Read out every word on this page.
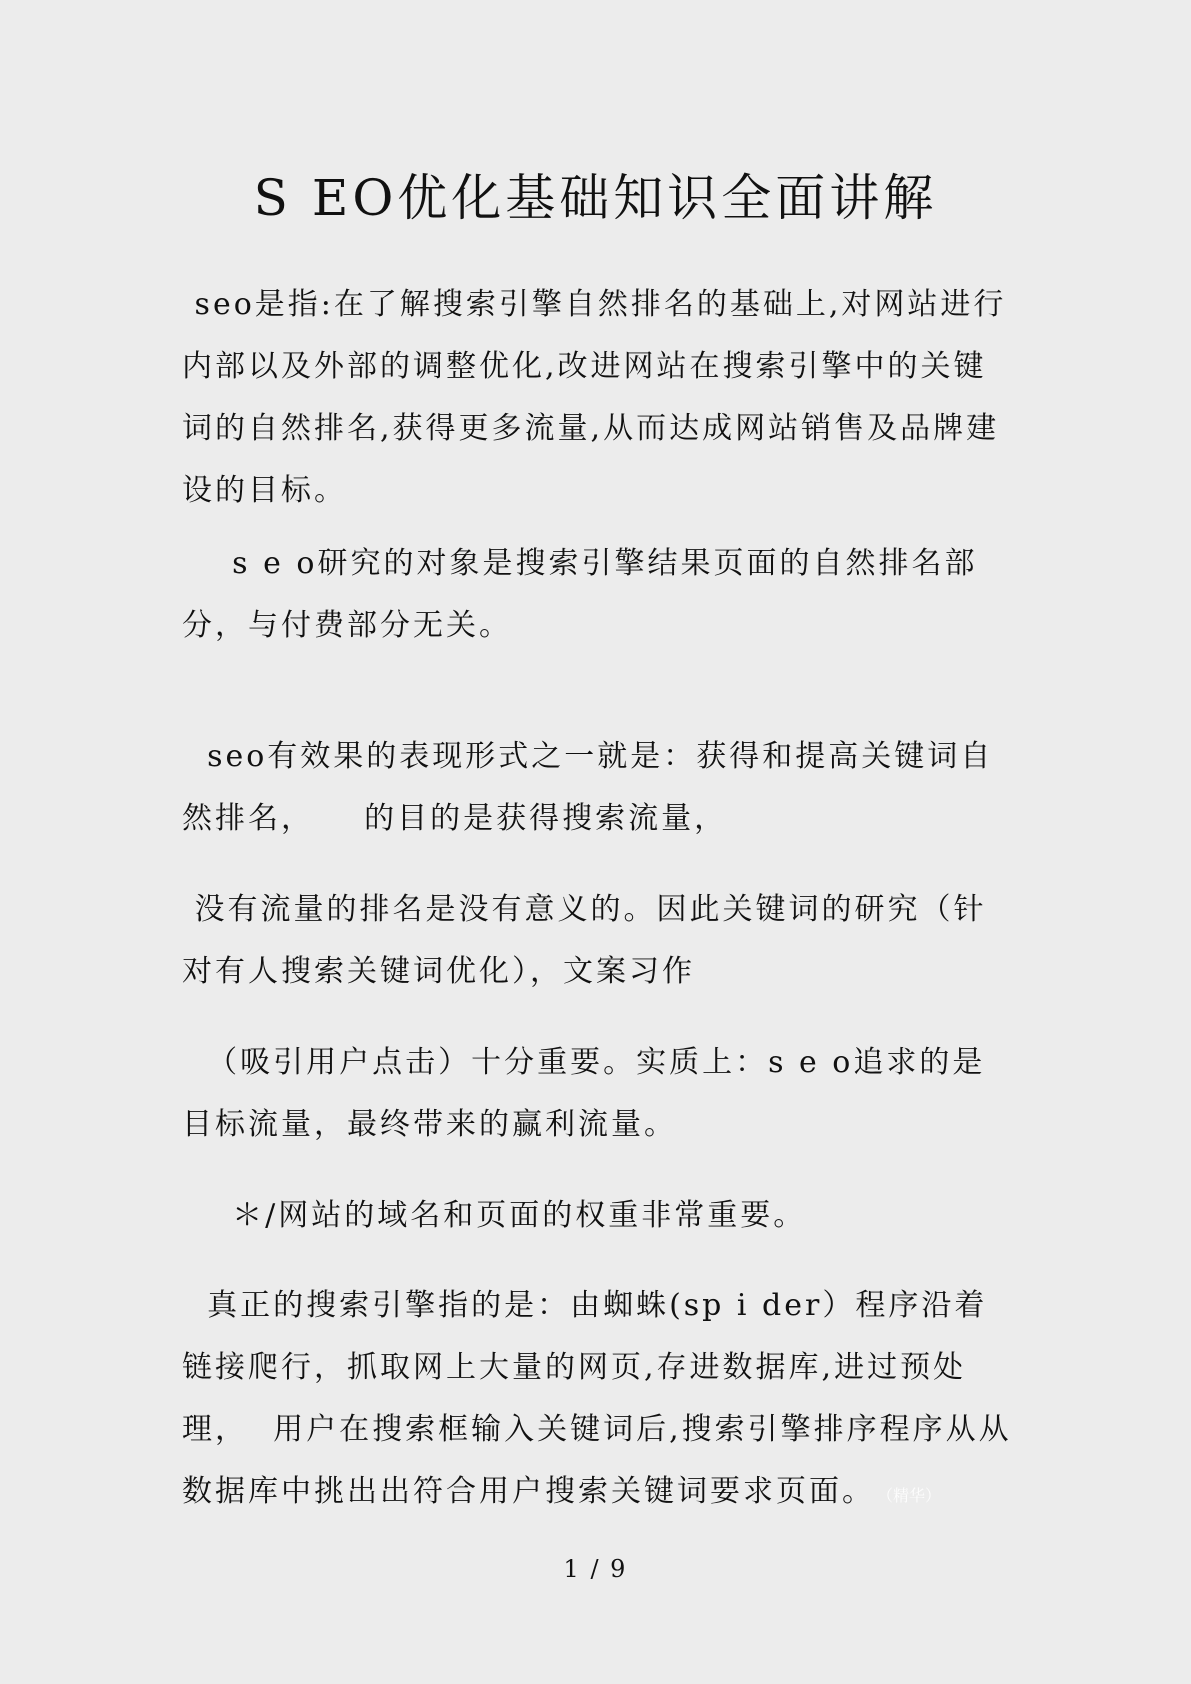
S EO优化基础知识全面讲解

seo是指:在了解搜索引擎自然排名的基础上,对网站进行内部以及外部的调整优化,改进网站在搜索引擎中的关键词的自然排名,获得更多流量,从而达成网站销售及品牌建设的目标。

s e o研究的对象是搜索引擎结果页面的自然排名部分，与付费部分无关。

seo有效果的表现形式之一就是：获得和提高关键词自然排名，    的目的是获得搜索流量，

没有流量的排名是没有意义的。因此关键词的研究（针对有人搜索关键词优化），文案习作

（吸引用户点击）十分重要。实质上：s e o追求的是目标流量，最终带来的赢利流量。

＊/网站的域名和页面的权重非常重要。

真正的搜索引擎指的是：由蜘蛛(sp i der）程序沿着链接爬行，抓取网上大量的网页,存进数据库,进过预处理，  用户在搜索框输入关键词后,搜索引擎排序程序从从数据库中挑出出符合用户搜索关键词要求页面。 （精华）

1 / 9
